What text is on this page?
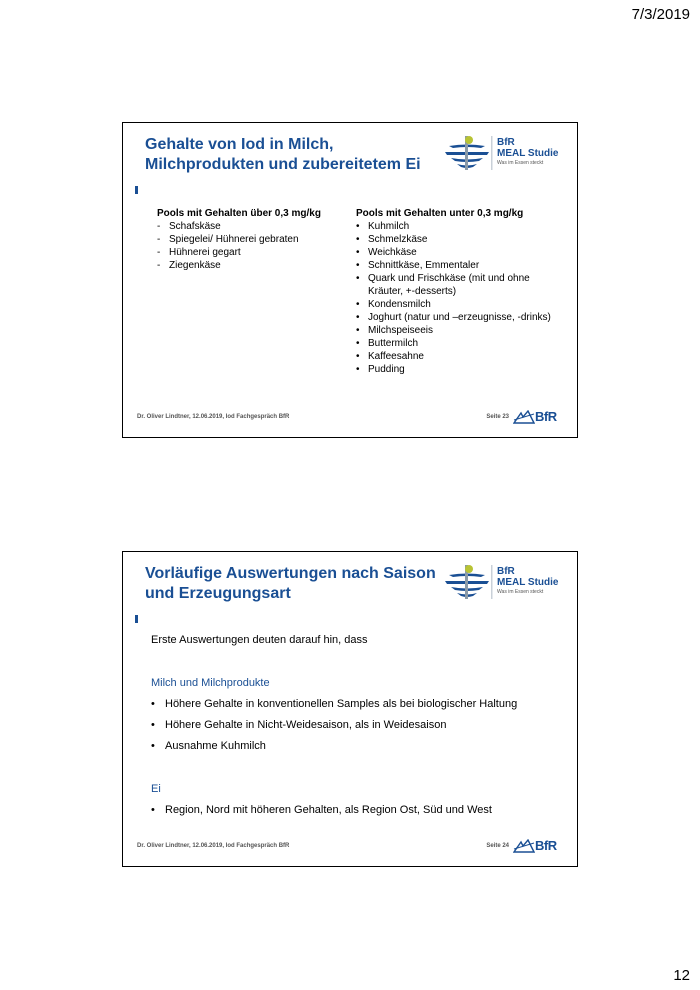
7/3/2019
Gehalte von Iod in Milch, Milchprodukten und zubereitetem Ei
BfR
MEAL Studie
Was im Essen steckt
Pools mit Gehalten über 0,3 mg/kg
- Schafskäse
- Spiegelei/ Hühnerei gebraten
- Hühnerei gegart
- Ziegenkäse
Pools mit Gehalten unter 0,3 mg/kg
• Kuhmilch
• Schmelzkäse
• Weichkäse
• Schnittkäse, Emmentaler
• Quark und Frischkäse (mit und ohne Kräuter, +-desserts)
• Kondensmilch
• Joghurt (natur und –erzeugnisse, -drinks)
• Milchspeiseeis
• Buttermilch
• Kaffeesahne
• Pudding
Dr. Oliver Lindtner, 12.06.2019, Iod Fachgespräch BfR	Seite 23 BfR
Vorläufige Auswertungen nach Saison und Erzeugungsart
BfR
MEAL Studie
Was im Essen steckt
Erste Auswertungen deuten darauf hin, dass
Milch und Milchprodukte
• Höhere Gehalte in konventionellen Samples als bei biologischer Haltung
• Höhere Gehalte in Nicht-Weidesaison, als in Weidesaison
• Ausnahme Kuhmilch
Ei
• Region, Nord mit höheren Gehalten, als Region Ost, Süd und West
Dr. Oliver Lindtner, 12.06.2019, Iod Fachgespräch BfR	Seite 24 BfR
12
